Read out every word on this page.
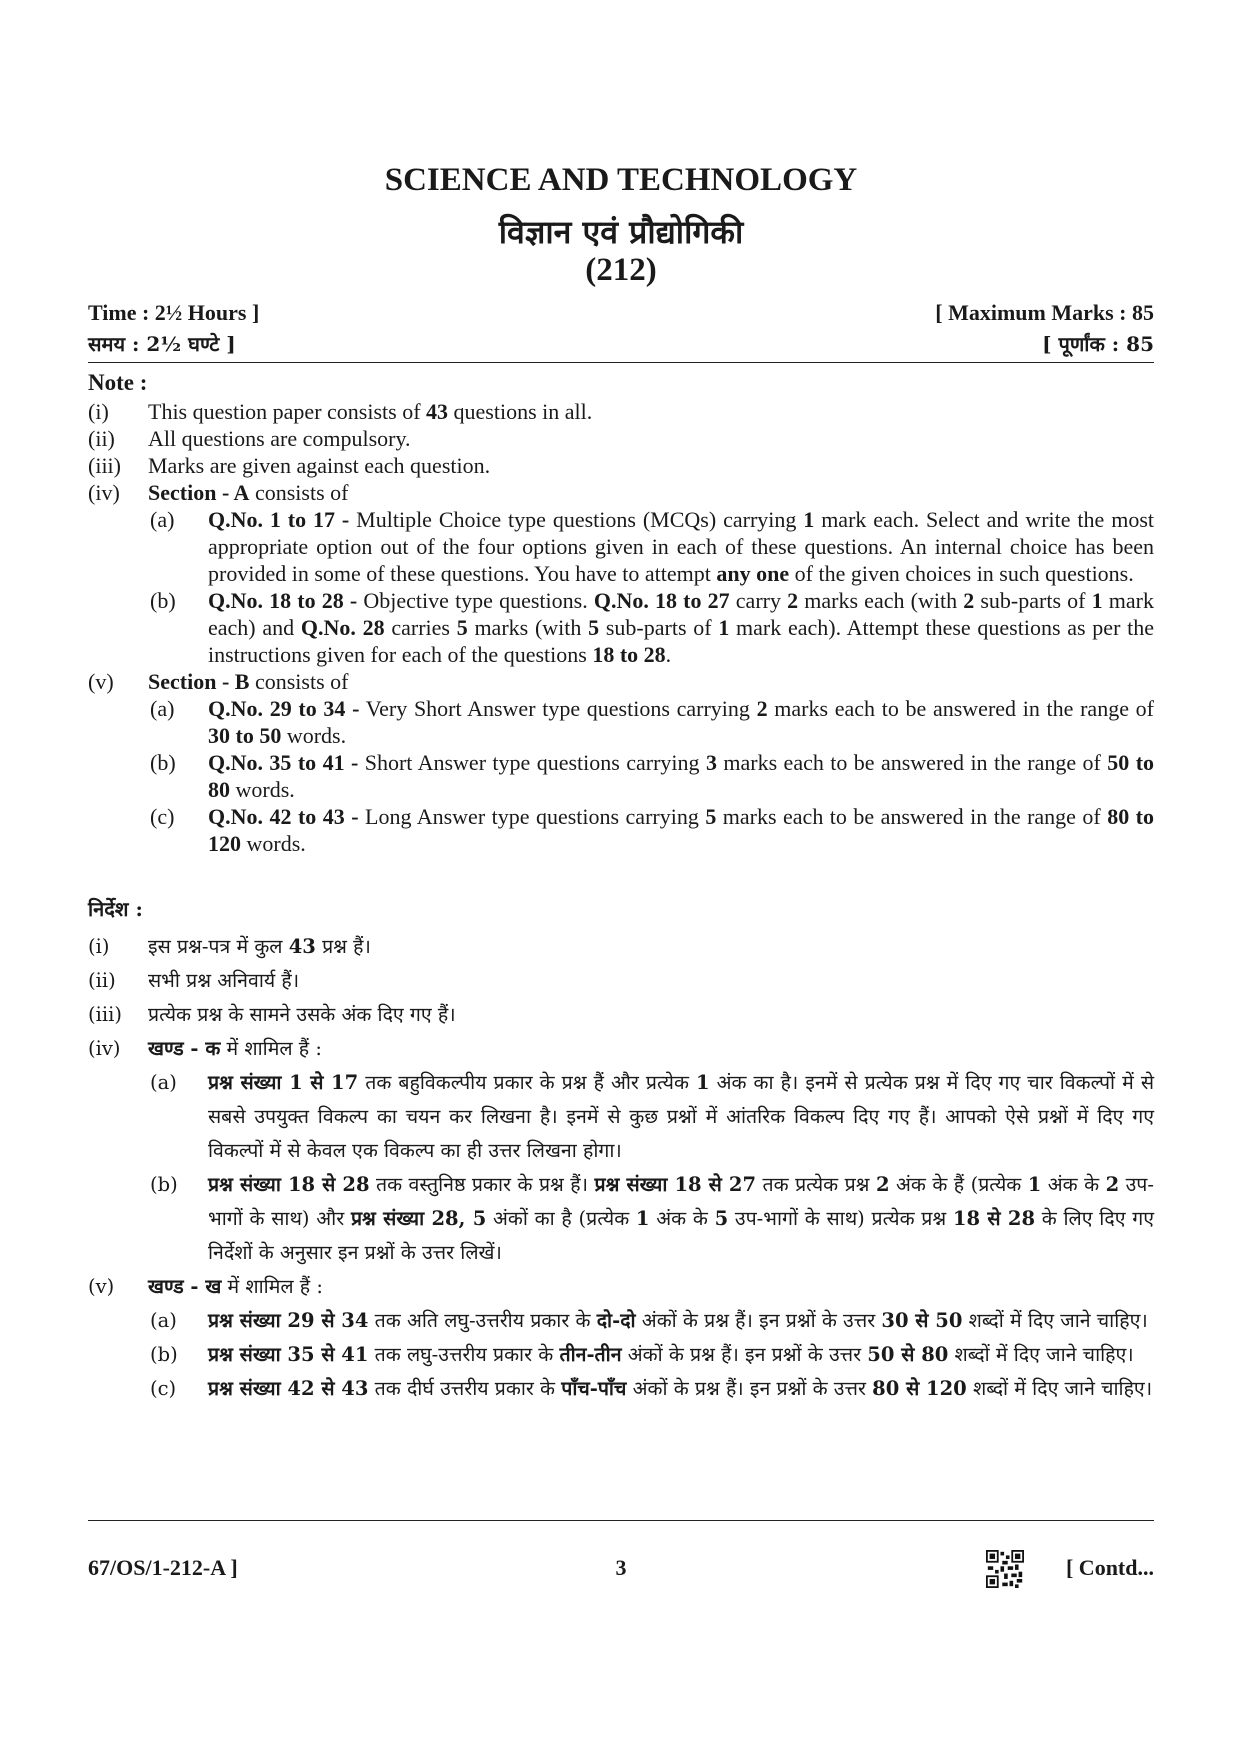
SCIENCE AND TECHNOLOGY
विज्ञान एवं प्रौद्योगिकी
(212)
Time : 2½ Hours ]	[ Maximum Marks : 85
समय : 2½ घण्टे ]	[ पूर्णांक : 85
Note :
(i) This question paper consists of 43 questions in all.
(ii) All questions are compulsory.
(iii) Marks are given against each question.
(iv) Section - A consists of
(a) Q.No. 1 to 17 - Multiple Choice type questions (MCQs) carrying 1 mark each. Select and write the most appropriate option out of the four options given in each of these questions. An internal choice has been provided in some of these questions. You have to attempt any one of the given choices in such questions.
(b) Q.No. 18 to 28 - Objective type questions. Q.No. 18 to 27 carry 2 marks each (with 2 sub-parts of 1 mark each) and Q.No. 28 carries 5 marks (with 5 sub-parts of 1 mark each). Attempt these questions as per the instructions given for each of the questions 18 to 28.
(v) Section - B consists of
(a) Q.No. 29 to 34 - Very Short Answer type questions carrying 2 marks each to be answered in the range of 30 to 50 words.
(b) Q.No. 35 to 41 - Short Answer type questions carrying 3 marks each to be answered in the range of 50 to 80 words.
(c) Q.No. 42 to 43 - Long Answer type questions carrying 5 marks each to be answered in the range of 80 to 120 words.
निर्देश :
(i) इस प्रश्न-पत्र में कुल 43 प्रश्न हैं।
(ii) सभी प्रश्न अनिवार्य हैं।
(iii) प्रत्येक प्रश्न के सामने उसके अंक दिए गए हैं।
(iv) खण्ड - क में शामिल हैं :
(a) प्रश्न संख्या 1 से 17 तक बहुविकल्पीय प्रकार के प्रश्न हैं और प्रत्येक 1 अंक का है। इनमें से प्रत्येक प्रश्न में दिए गए चार विकल्पों में से सबसे उपयुक्त विकल्प का चयन कर लिखना है। इनमें से कुछ प्रश्नों में आंतरिक विकल्प दिए गए हैं। आपको ऐसे प्रश्नों में दिए गए विकल्पों में से केवल एक विकल्प का ही उत्तर लिखना होगा।
(b) प्रश्न संख्या 18 से 28 तक वस्तुनिष्ठ प्रकार के प्रश्न हैं। प्रश्न संख्या 18 से 27 तक प्रत्येक प्रश्न 2 अंक के हैं (प्रत्येक 1 अंक के 2 उप-भागों के साथ) और प्रश्न संख्या 28, 5 अंकों का है (प्रत्येक 1 अंक के 5 उप-भागों के साथ) प्रत्येक प्रश्न 18 से 28 के लिए दिए गए निर्देशों के अनुसार इन प्रश्नों के उत्तर लिखें।
(v) खण्ड - ख में शामिल हैं :
(a) प्रश्न संख्या 29 से 34 तक अति लघु-उत्तरीय प्रकार के दो-दो अंकों के प्रश्न हैं। इन प्रश्नों के उत्तर 30 से 50 शब्दों में दिए जाने चाहिए।
(b) प्रश्न संख्या 35 से 41 तक लघु-उत्तरीय प्रकार के तीन-तीन अंकों के प्रश्न हैं। इन प्रश्नों के उत्तर 50 से 80 शब्दों में दिए जाने चाहिए।
(c) प्रश्न संख्या 42 से 43 तक दीर्घ उत्तरीय प्रकार के पाँच-पाँच अंकों के प्रश्न हैं। इन प्रश्नों के उत्तर 80 से 120 शब्दों में दिए जाने चाहिए।
67/OS/1-212-A ]	3	[ Contd...
